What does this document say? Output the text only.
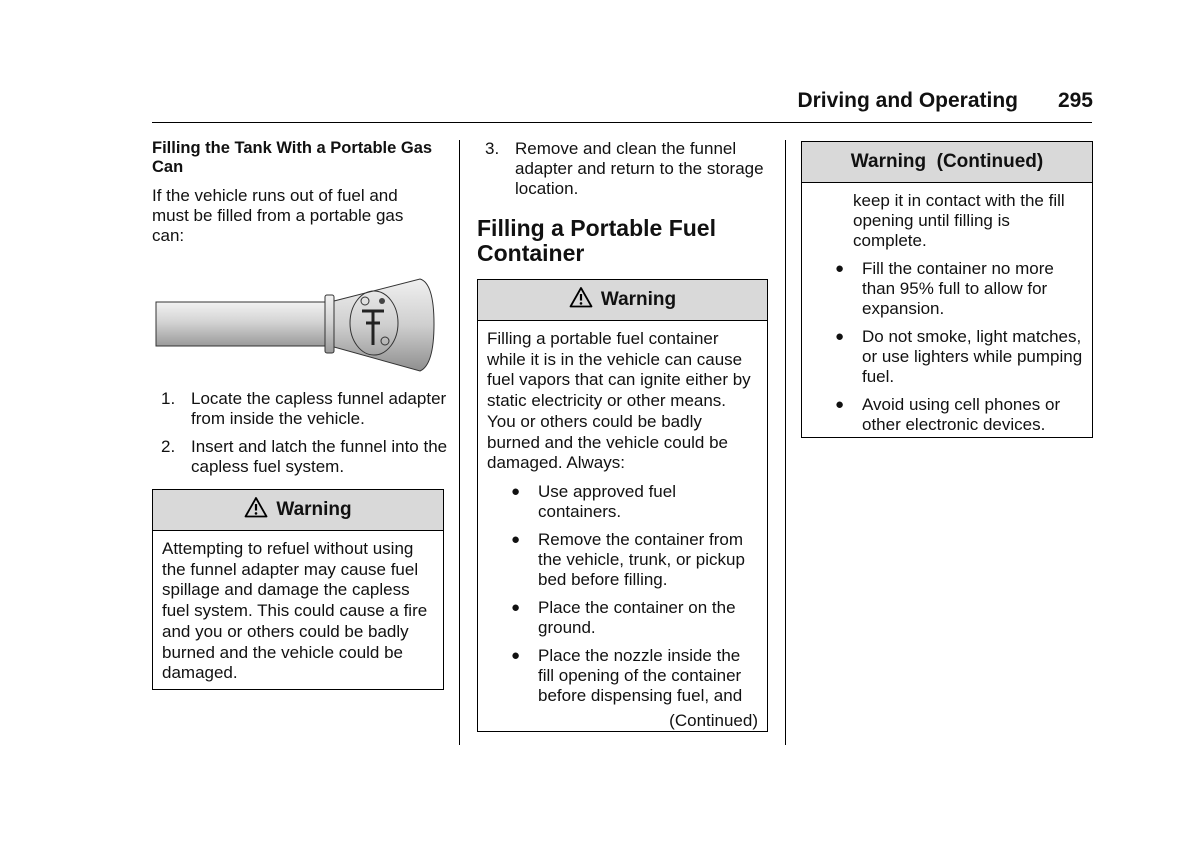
Driving and Operating 295
Filling the Tank With a Portable Gas Can
If the vehicle runs out of fuel and must be filled from a portable gas can:
1. Locate the capless funnel adapter from inside the vehicle.
2. Insert and latch the funnel into the capless fuel system.
Warning
Attempting to refuel without using the funnel adapter may cause fuel spillage and damage the capless fuel system. This could cause a fire and you or others could be badly burned and the vehicle could be damaged.
3. Remove and clean the funnel adapter and return to the storage location.
Filling a Portable Fuel Container
Warning
Filling a portable fuel container while it is in the vehicle can cause fuel vapors that can ignite either by static electricity or other means. You or others could be badly burned and the vehicle could be damaged. Always:
● Use approved fuel containers.
● Remove the container from the vehicle, trunk, or pickup bed before filling.
● Place the container on the ground.
● Place the nozzle inside the fill opening of the container before dispensing fuel, and
(Continued)
Warning  (Continued)
keep it in contact with the fill opening until filling is complete.
● Fill the container no more than 95% full to allow for expansion.
● Do not smoke, light matches, or use lighters while pumping fuel.
● Avoid using cell phones or other electronic devices.
